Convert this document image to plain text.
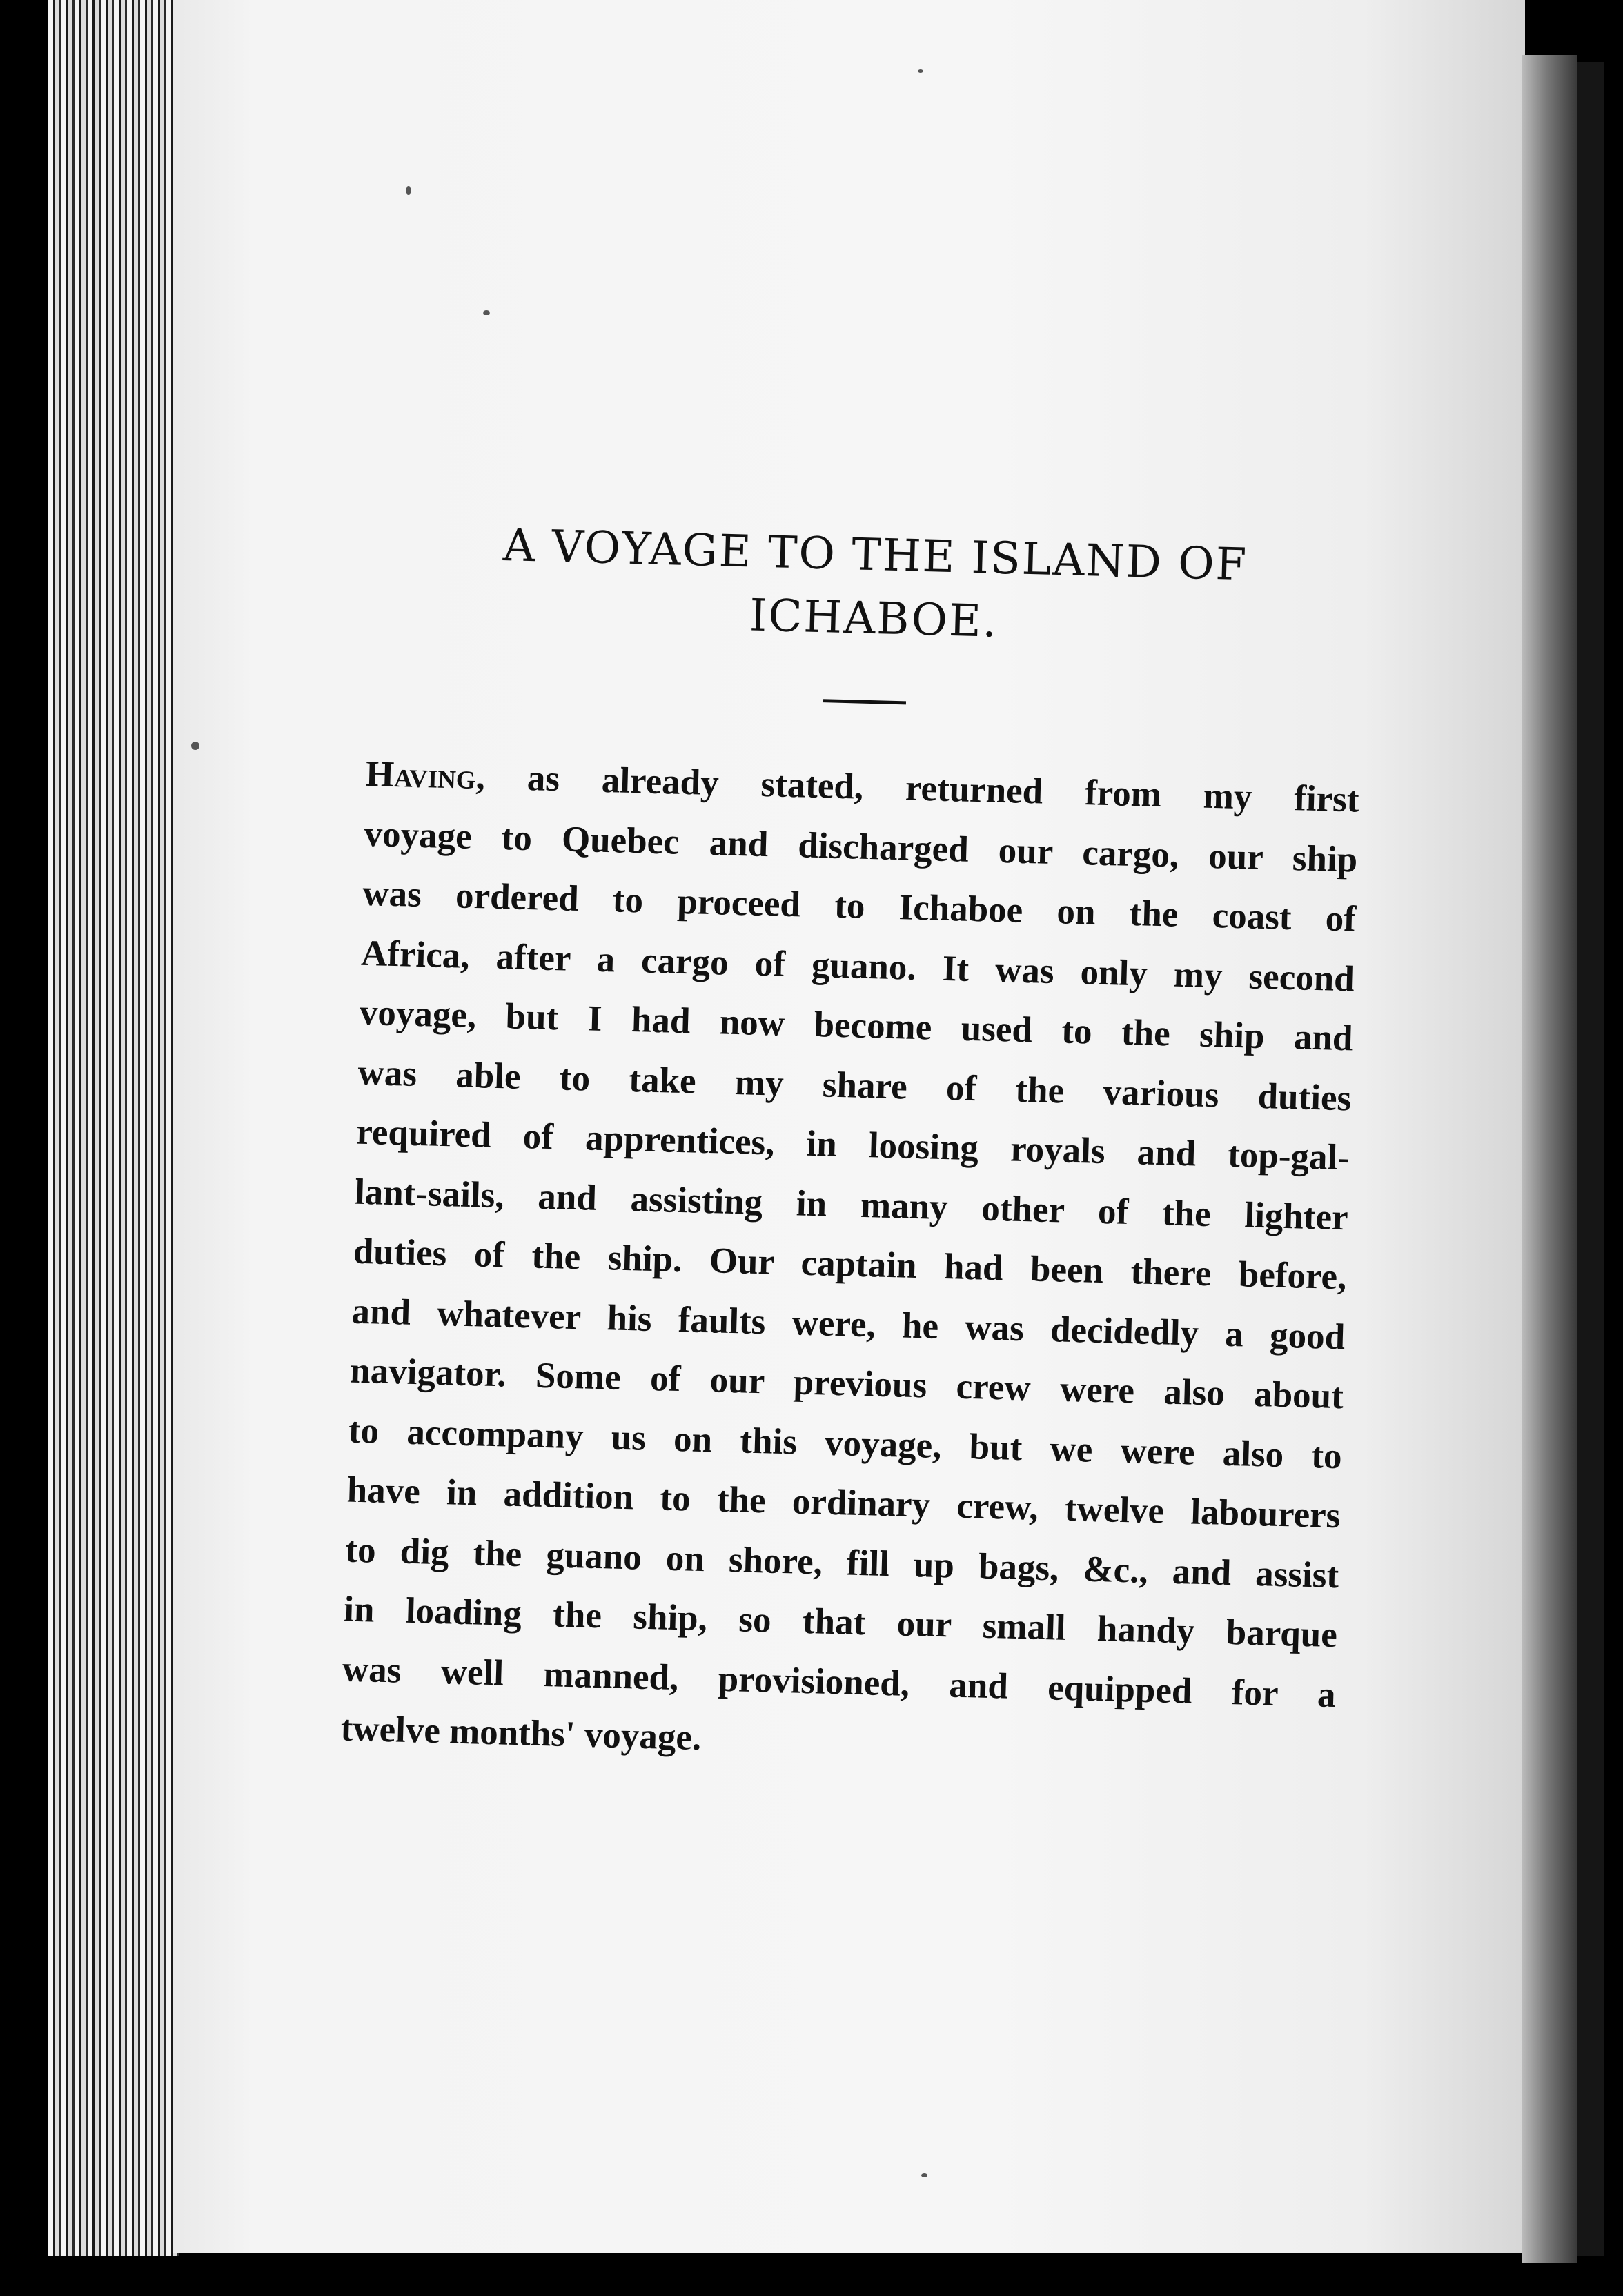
A VOYAGE TO THE ISLAND OF
ICHABOE.

Having, as already stated, returned from my first
voyage to Quebec and discharged our cargo, our ship
was ordered to proceed to Ichaboe on the coast of
Africa, after a cargo of guano. It was only my second
voyage, but I had now become used to the ship and
was able to take my share of the various duties
required of apprentices, in loosing royals and top-gal-
lant-sails, and assisting in many other of the lighter
duties of the ship. Our captain had been there before,
and whatever his faults were, he was decidedly a good
navigator. Some of our previous crew were also about
to accompany us on this voyage, but we were also to
have in addition to the ordinary crew, twelve labourers
to dig the guano on shore, fill up bags, &c., and assist
in loading the ship, so that our small handy barque
was well manned, provisioned, and equipped for a
twelve months' voyage.
